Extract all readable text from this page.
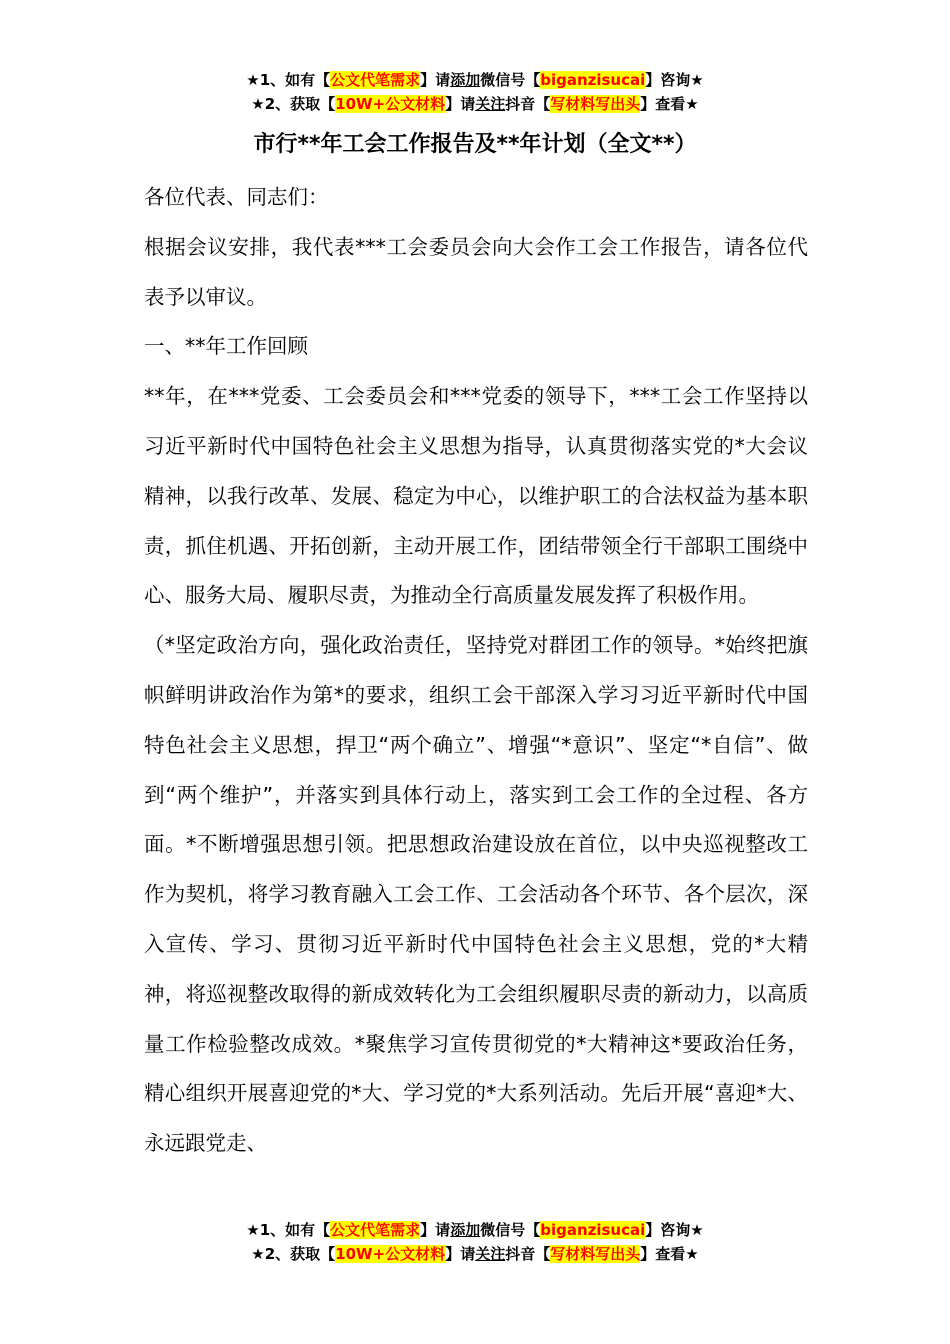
★1、如有【公文代笔需求】请添加微信号【biganzisucai】咨询★
★2、获取【10W+公文材料】请关注抖音【写材料写出头】查看★
市行**年工会工作报告及**年计划（全文**）

各位代表、同志们：

根据会议安排，我代表***工会委员会向大会作工会工作报告，请各位代表予以审议。

一、**年工作回顾

**年，在***党委、工会委员会和***党委的领导下，***工会工作坚持以习近平新时代中国特色社会主义思想为指导，认真贯彻落实党的*大会议精神，以我行改革、发展、稳定为中心，以维护职工的合法权益为基本职责，抓住机遇、开拓创新，主动开展工作，团结带领全行干部职工围绕中心、服务大局、履职尽责，为推动全行高质量发展发挥了积极作用。

（*坚定政治方向，强化政治责任，坚持党对群团工作的领导。*始终把旗帜鲜明讲政治作为第*的要求，组织工会干部深入学习习近平新时代中国特色社会主义思想，捍卫“两个确立”、增强“*意识”、坚定“*自信”、做到“两个维护”，并落实到具体行动上，落实到工会工作的全过程、各方面。*不断增强思想引领。把思想政治建设放在首位，以中央巡视整改工作为契机，将学习教育融入工会工作、工会活动各个环节、各个层次，深入宣传、学习、贯彻习近平新时代中国特色社会主义思想，党的*大精神，将巡视整改取得的新成效转化为工会组织履职尽责的新动力，以高质量工作检验整改成效。*聚焦学习宣传贯彻党的*大精神这*要政治任务，精心组织开展喜迎党的*大、学习党的*大系列活动。先后开展“喜迎*大、永远跟党走、

★1、如有【公文代笔需求】请添加微信号【biganzisucai】咨询★
★2、获取【10W+公文材料】请关注抖音【写材料写出头】查看★
